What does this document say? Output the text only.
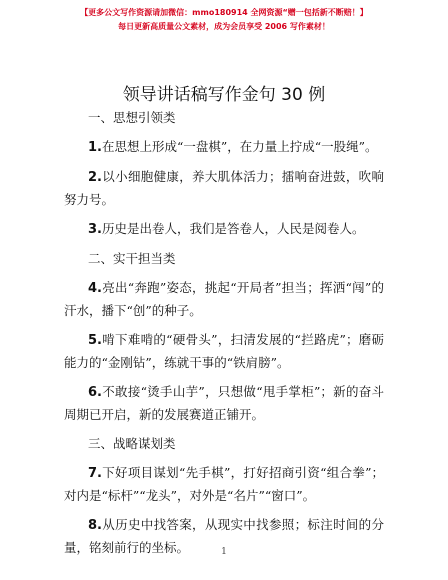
【更多公文写作资源请加微信：mmo180914 全网资源“赠一包括新不断赔！】
每日更新高质量公文素材，成为会员享受 2006 写作素材！
领导讲话稿写作金句 30 例

一、思想引领类

1.在思想上形成“一盘棋”，在力量上拧成“一股绳”。

2.以小细胞健康，养大肌体活力；擂响奋进鼓，吹响努力号。

3.历史是出卷人，我们是答卷人，人民是阅卷人。

二、实干担当类

4.亮出“奔跑”姿态，挑起“开局者”担当；挥洒“闯”的汗水，播下“创”的种子。

5.啃下难啃的“硬骨头”，扫清发展的“拦路虎”；磨砺能力的“金刚钻”，练就干事的“铁肩膀”。

6.不敢接“烫手山芋”，只想做“甩手掌柜”；新的奋斗周期已开启，新的发展赛道正铺开。

三、战略谋划类

7.下好项目谋划“先手棋”，打好招商引资“组合拳”；对内是“标杆”“龙头”，对外是“名片”“窗口”。

8.从历史中找答案，从现实中找参照；标注时间的分量，铭刻前行的坐标。	1
